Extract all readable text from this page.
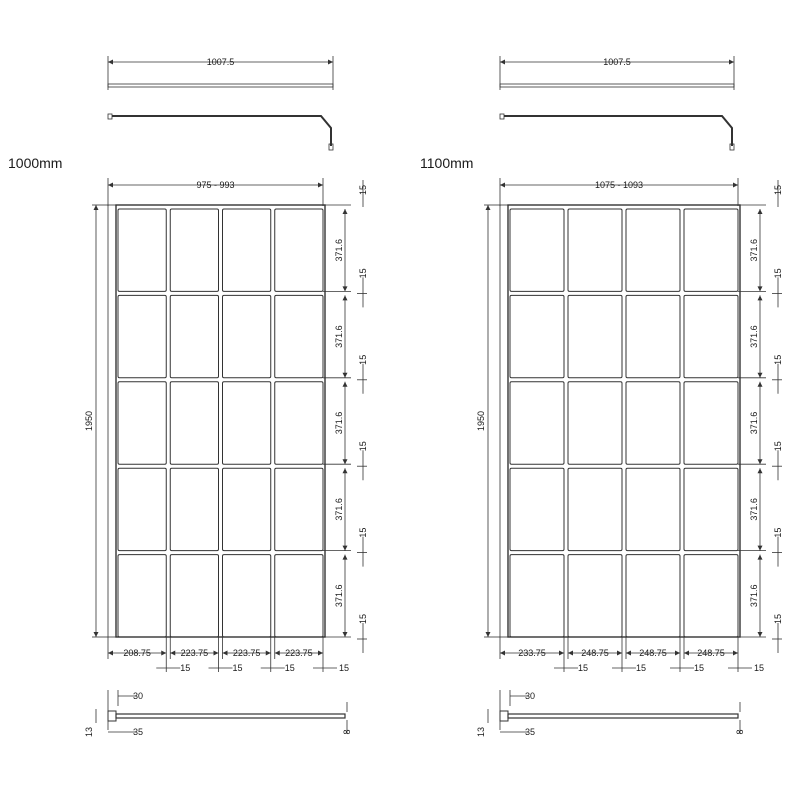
1000mm
1007.5
975 - 993
1950
15
371.6
15
371.6
15
371.6
15
371.6
15
371.6
15
208.75
15
223.75
15
223.75
15
223.75
15
30
13	35	8
1100mm
1007.5
1075 - 1093
1950
15
371.6
15
371.6
15
371.6
15
371.6
15
371.6
15
233.75
15
248.75
15
248.75
15
248.75
15
30
13	35	8
